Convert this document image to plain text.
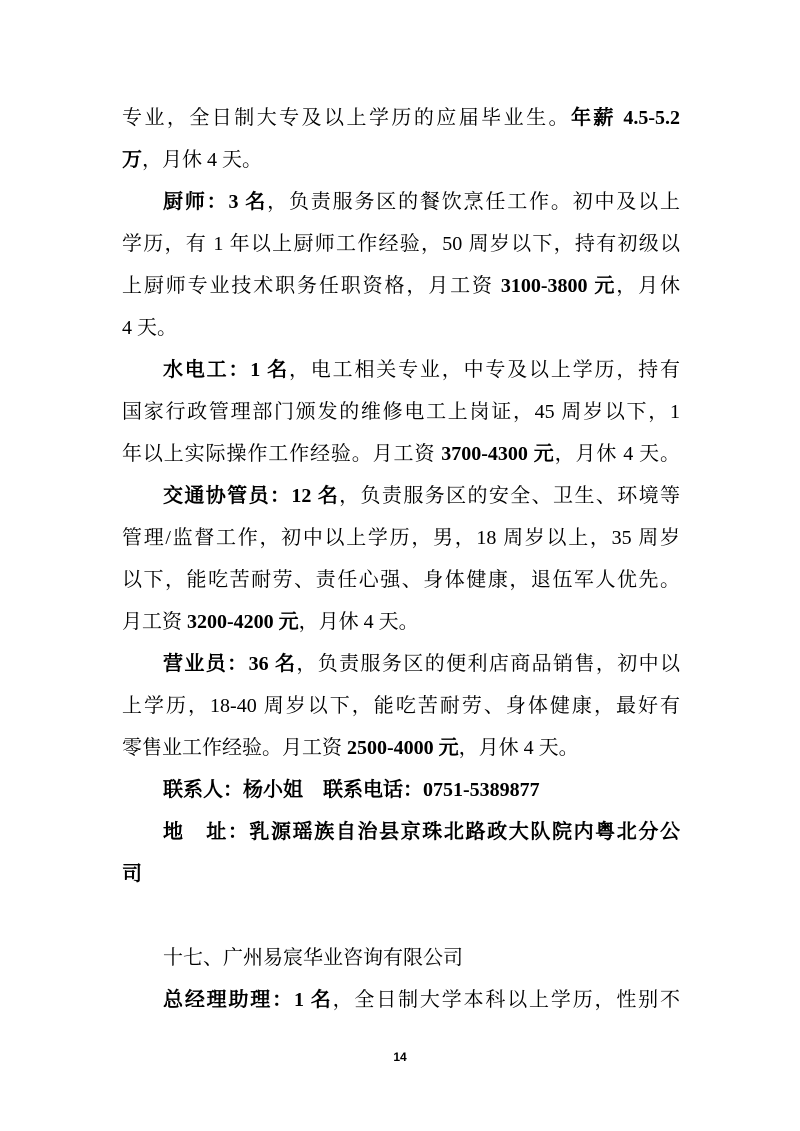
专业，全日制大专及以上学历的应届毕业生。年薪 4.5-5.2
万，月休 4 天。
厨师：3 名，负责服务区的餐饮烹任工作。初中及以上
学历，有 1 年以上厨师工作经验，50 周岁以下，持有初级以
上厨师专业技术职务任职资格，月工资 3100-3800 元，月休
4 天。
水电工：1 名，电工相关专业，中专及以上学历，持有
国家行政管理部门颁发的维修电工上岗证，45 周岁以下，1
年以上实际操作工作经验。月工资 3700-4300 元，月休 4 天。
交通协管员：12 名，负责服务区的安全、卫生、环境等
管理/监督工作，初中以上学历，男，18 周岁以上，35 周岁
以下，能吃苦耐劳、责任心强、身体健康，退伍军人优先。
月工资 3200-4200 元，月休 4 天。
营业员：36 名，负责服务区的便利店商品销售，初中以
上学历，18-40 周岁以下，能吃苦耐劳、身体健康，最好有
零售业工作经验。月工资 2500-4000 元，月休 4 天。
联系人：杨小姐　联系电话：0751-5389877
地　址：乳源瑶族自治县京珠北路政大队院内粤北分公
司
十七、广州易宸华业咨询有限公司
总经理助理：1 名，全日制大学本科以上学历，性别不
14
